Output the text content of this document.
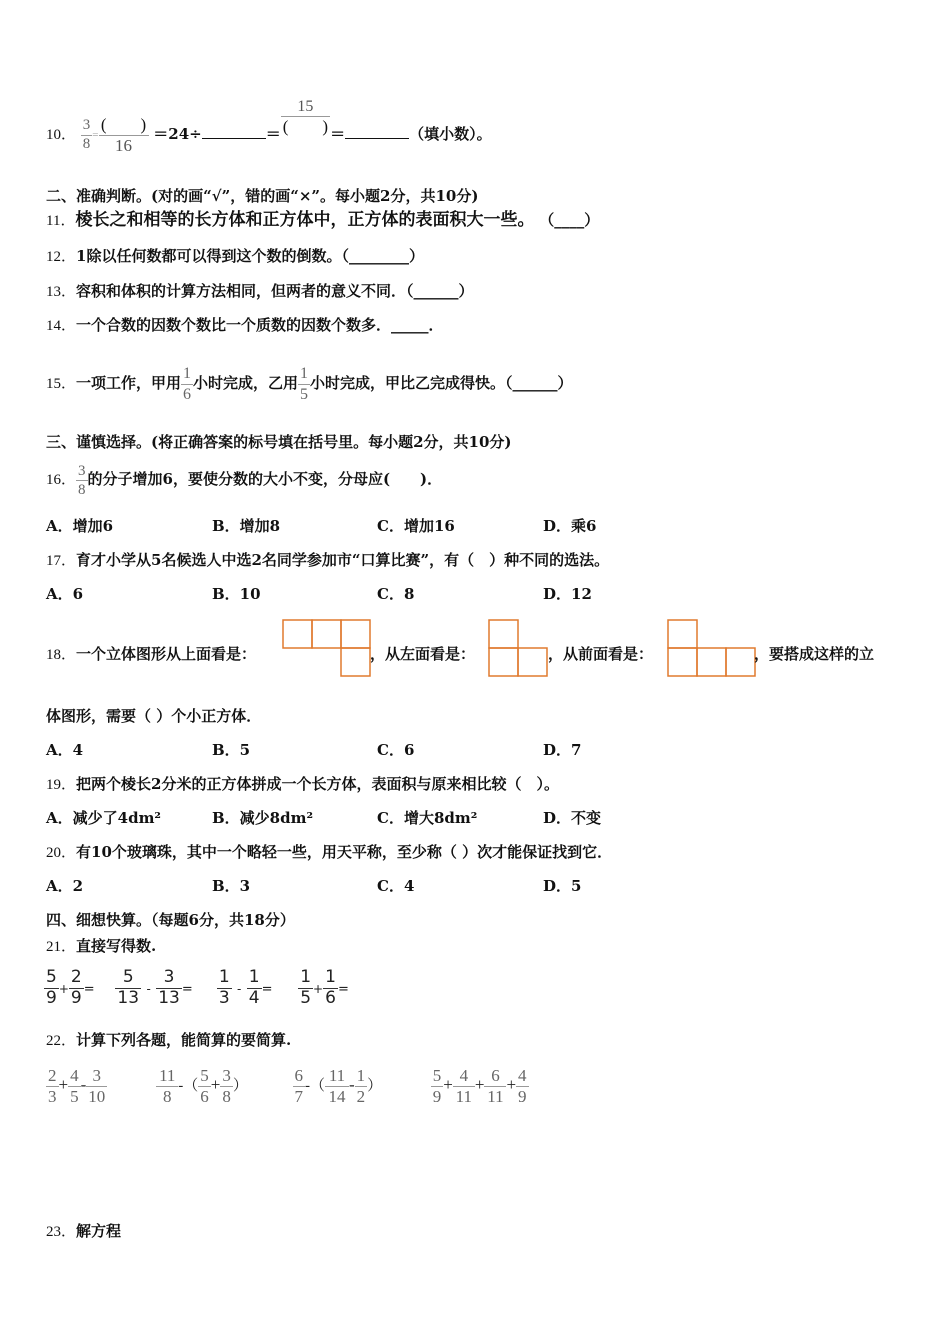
10． $\frac{3}{8}$ =
(　　)
16
＝24÷	＝
15
(　　) ＝	（填小数）。
二、准确判断。(对的画“√”，错的画“×”。每小题2分，共10分)
11．棱长之和相等的长方体和正方体中，正方体的表面积大一些。 （____）
12．1除以任何数都可以得到这个数的倒数。（________）
13．容积和体积的计算方法相同，但两者的意义不同．（______）
14．一个合数的因数个数比一个质数的因数个数多．_____．
15．一项工作，甲用 $\frac{1}{6}$ 小时完成，乙用 $\frac{1}{5}$ 小时完成，甲比乙完成得快。（______）
三、谨慎选择。(将正确答案的标号填在括号里。每小题2分，共10分)
16． $\frac{3}{8}$ 的分子增加6，要使分数的大小不变，分母应(　　)．
A．增加6	B．增加8	C．增加16	D．乘6
17．育才小学从5名候选人中选2名同学参加市“口算比赛”，有（　）种不同的选法。
A．6	B．10	C．8	D．12
18．一个立体图形从上面看是：	，从左面看是：	，从前面看是：	，要搭成这样的立
体图形，需要（ ）个小正方体．
A．4	B．5	C．6	D．7
19．把两个棱长2分米的正方体拼成一个长方体，表面积与原来相比较（　）。
A．减少了4dm²	B．减少8dm²	C．增大8dm²	D．不变
20．有10个玻璃珠，其中一个略轻一些，用天平称，至少称（ ）次才能保证找到它．
A．2	B．3	C．4	D．5
四、细想快算。（每题6分，共18分）
21．直接写得数.
$\frac{5}{9} + \frac{2}{9} = \frac{5}{13} - \frac{3}{13} = \frac{1}{3} - \frac{1}{4} = \frac{1}{5} + \frac{1}{6}$ =
22．计算下列各题，能简算的要简算.
$\frac{2}{3} + \frac{4}{5} - \frac{3}{10}$
	$\frac{11}{8}$ -（ $\frac{5}{6} + \frac{3}{8}$ ）	$\frac{6}{7}$ -（ $\frac{11}{14} - \frac{1}{2}$ ）	$\frac{5}{9} + \frac{4}{11} + \frac{6}{11} + \frac{4}{9}$
23．解方程
